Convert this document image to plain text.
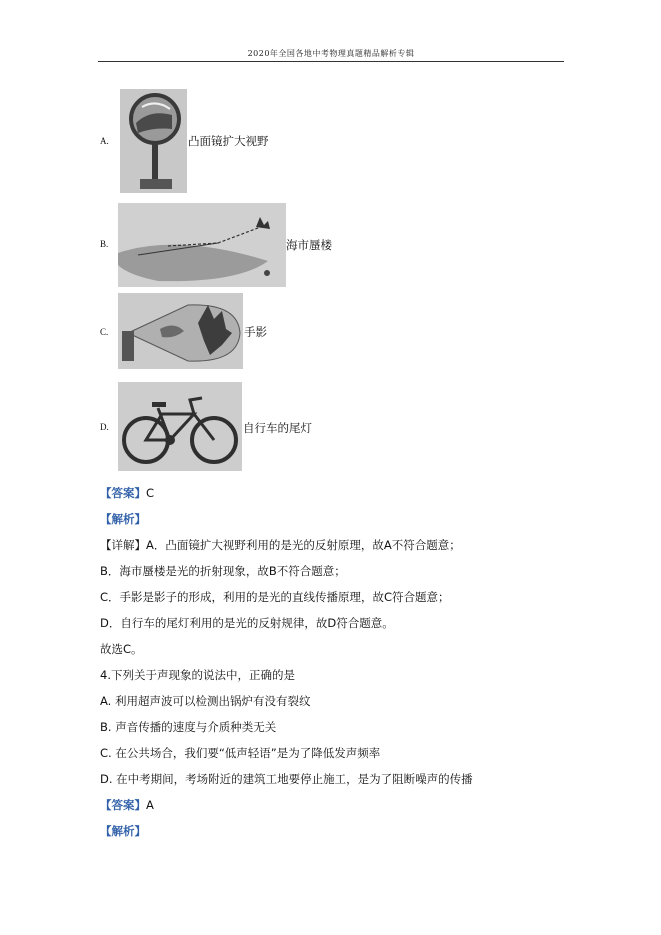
2020年全国各地中考物理真题精品解析专辑
A.	凸面镜扩大视野
B.	海市蜃楼
C.	手影
D.	自行车的尾灯
【答案】C
【解析】
【详解】A．凸面镜扩大视野利用的是光的反射原理，故A不符合题意；
B．海市蜃楼是光的折射现象，故B不符合题意；
C．手影是影子的形成，利用的是光的直线传播原理，故C符合题意；
D．自行车的尾灯利用的是光的反射规律，故D符合题意。
故选C。
4.下列关于声现象的说法中，正确的是
A. 利用超声波可以检测出锅炉有没有裂纹
B. 声音传播的速度与介质种类无关
C. 在公共场合，我们要“低声轻语”是为了降低发声频率
D. 在中考期间，考场附近的建筑工地要停止施工，是为了阻断噪声的传播
【答案】A
【解析】
